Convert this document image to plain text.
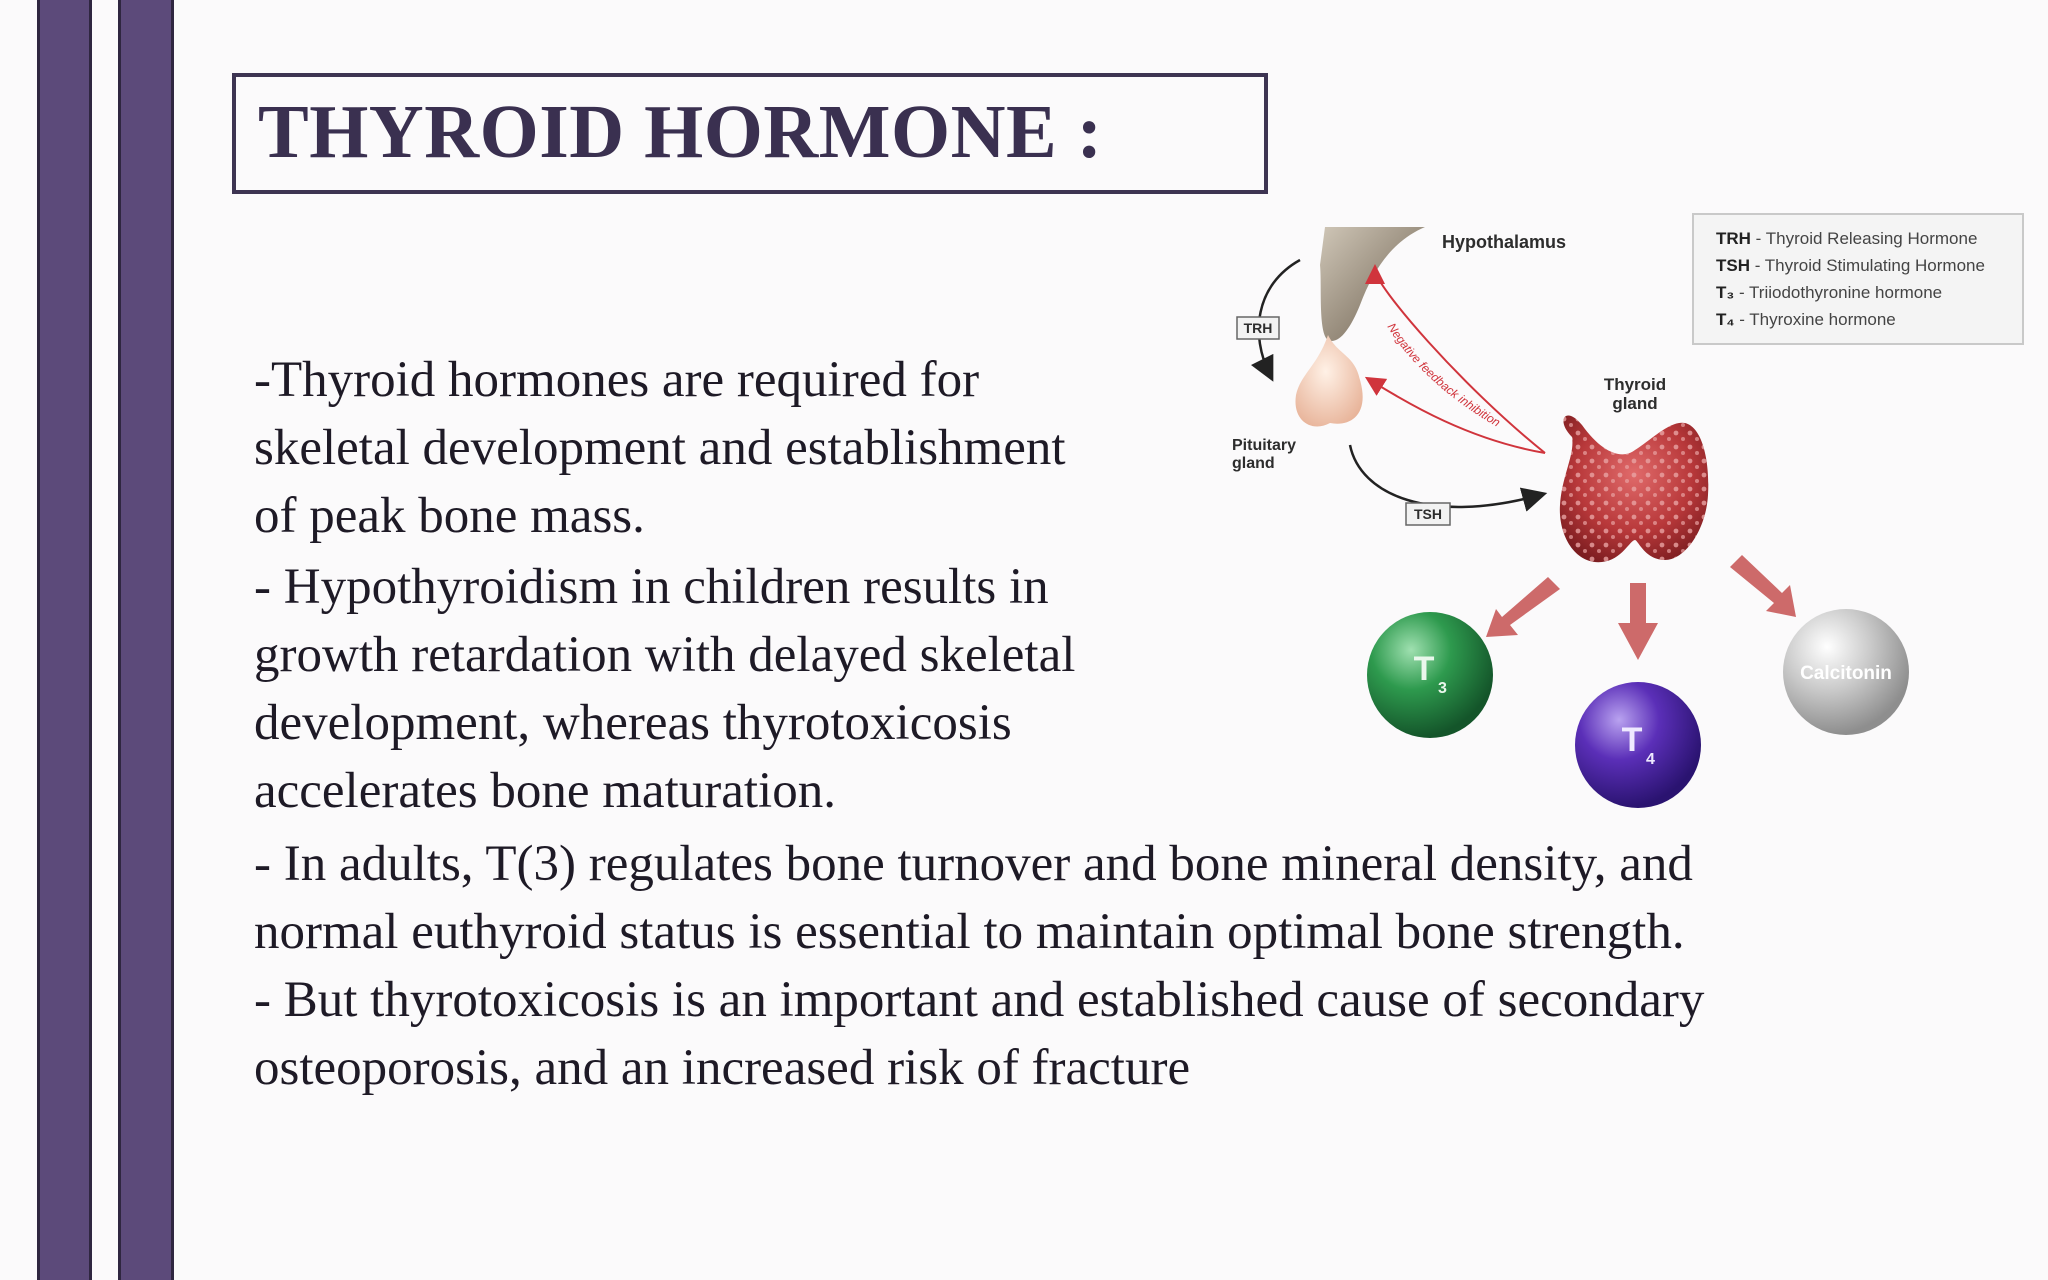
THYROID HORMONE :
-Thyroid hormones are required for
skeletal development and establishment
of peak bone mass.
- Hypothyroidism in children results in
growth retardation with delayed skeletal
development, whereas thyrotoxicosis
accelerates bone maturation.
- In adults, T(3) regulates bone turnover and bone mineral density, and
normal euthyroid status is essential to maintain optimal bone strength.
- But thyrotoxicosis is an important and established cause of secondary
osteoporosis, and an increased risk of fracture
Hypothalamus
Pituitary
gland
TRH
TSH
Negative feedback inhibition
Thyroid
gland
T
3
T
4
Calcitonin
TRH - Thyroid Releasing Hormone
TSH - Thyroid Stimulating Hormone
T₃ - Triiodothyronine hormone
T₄ - Thyroxine hormone
